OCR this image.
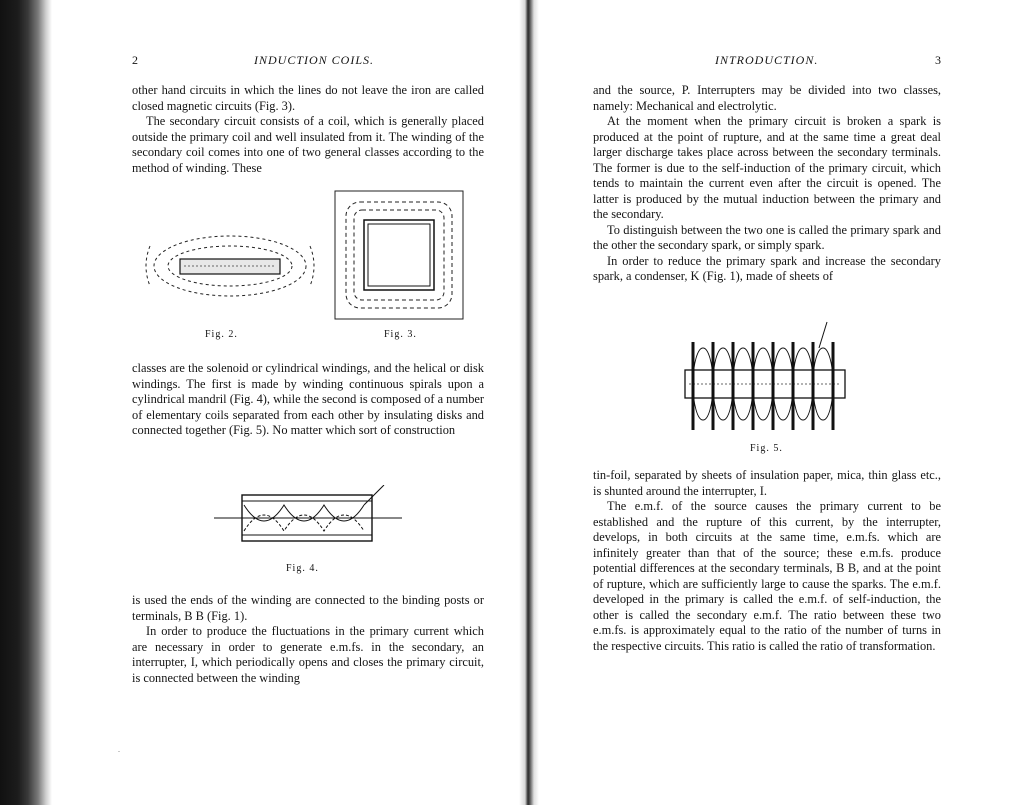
2	INDUCTION COILS.

other hand circuits in which the lines do not leave the iron are called closed magnetic circuits (Fig. 3).

The secondary circuit consists of a coil, which is generally placed outside the primary coil and well insulated from it. The winding of the secondary coil comes into one of two general classes according to the method of winding. These

Fig. 2.	Fig. 3.

classes are the solenoid or cylindrical windings, and the helical or disk windings. The first is made by winding continuous spirals upon a cylindrical mandril (Fig. 4), while the second is composed of a number of elementary coils separated from each other by insulating disks and connected together (Fig. 5). No matter which sort of construction

Fig. 4.

is used the ends of the winding are connected to the binding posts or terminals, B B (Fig. 1).

In order to produce the fluctuations in the primary current which are necessary in order to generate e.m.fs. in the secondary, an interrupter, I, which periodically opens and closes the primary circuit, is connected between the winding

INTRODUCTION.	3

and the source, P. Interrupters may be divided into two classes, namely: Mechanical and electrolytic.

At the moment when the primary circuit is broken a spark is produced at the point of rupture, and at the same time a great deal larger discharge takes place across between the secondary terminals. The former is due to the self-induction of the primary circuit, which tends to maintain the current even after the circuit is opened. The latter is produced by the mutual induction between the primary and the secondary.

To distinguish between the two one is called the primary spark and the other the secondary spark, or simply spark.

In order to reduce the primary spark and increase the secondary spark, a condenser, K (Fig. 1), made of sheets of

Fig. 5.

tin-foil, separated by sheets of insulation paper, mica, thin glass etc., is shunted around the interrupter, I.

The e.m.f. of the source causes the primary current to be established and the rupture of this current, by the interrupter, develops, in both circuits at the same time, e.m.fs. which are infinitely greater than that of the source; these e.m.fs. produce potential differences at the secondary terminals, B B, and at the point of rupture, which are sufficiently large to cause the sparks. The e.m.f. developed in the primary is called the e.m.f. of self-induction, the other is called the secondary e.m.f. The ratio between these two e.m.fs. is approximately equal to the ratio of the number of turns in the respective circuits. This ratio is called the ratio of transformation.

.
